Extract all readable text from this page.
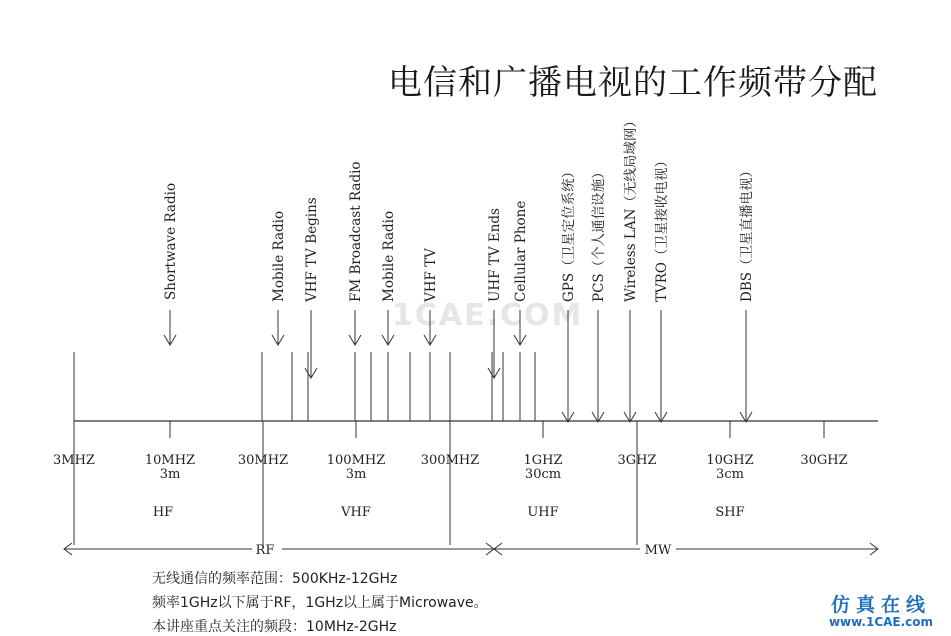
1CAE.COM
电信和广播电视的工作频带分配
3MHZ	10MHZ
3m
30MHZ	100MHZ
3m
300MHZ	1GHZ
30cm
3GHZ	10GHZ
3cm
30GHZ
HF	VHF	UHF	SHF
RF	MW
Shortwave Radio	Mobile Radio VHF TV Begins FM Broadcast Radio Mobile Radio VHF TV	UHF TV Ends Cellular Phone GPS（卫星定位系统） PCS（个人通信设施） Wireless LAN（无线局域网） TVRO（卫星接收电视）	DBS（卫星直播电视）
无线通信的频率范围：500KHz-12GHz
频率1GHz以下属于RF，1GHz以上属于Microwave。
本讲座重点关注的频段：10MHz-2GHz
仿真在线
www.1CAE.com
